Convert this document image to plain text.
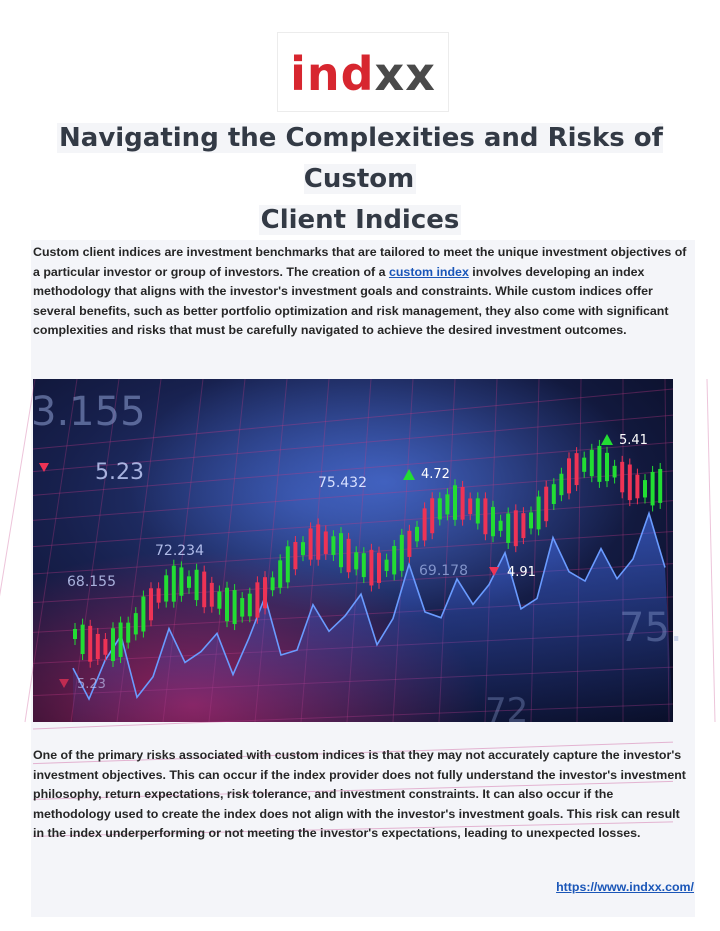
indxx
Navigating the Complexities and Risks of Custom
Client Indices

Custom client indices are investment benchmarks that are tailored to meet the unique investment objectives of a particular investor or group of investors. The creation of a custom index involves developing an index methodology that aligns with the investor's investment goals and constraints. While custom indices offer several benefits, such as better portfolio optimization and risk management, they also come with significant complexities and risks that must be carefully navigated to achieve the desired investment outcomes.

3.155
5.23	75.432
4.72
5.41
72.234
68.155
69.178	4.91
5.23
75.
72

One of the primary risks associated with custom indices is that they may not accurately capture the investor's investment objectives. This can occur if the index provider does not fully understand the investor's investment philosophy, return expectations, risk tolerance, and investment constraints. It can also occur if the methodology used to create the index does not align with the investor's investment goals. This risk can result in the index underperforming or not meeting the investor's expectations, leading to unexpected losses.

https://www.indxx.com/
